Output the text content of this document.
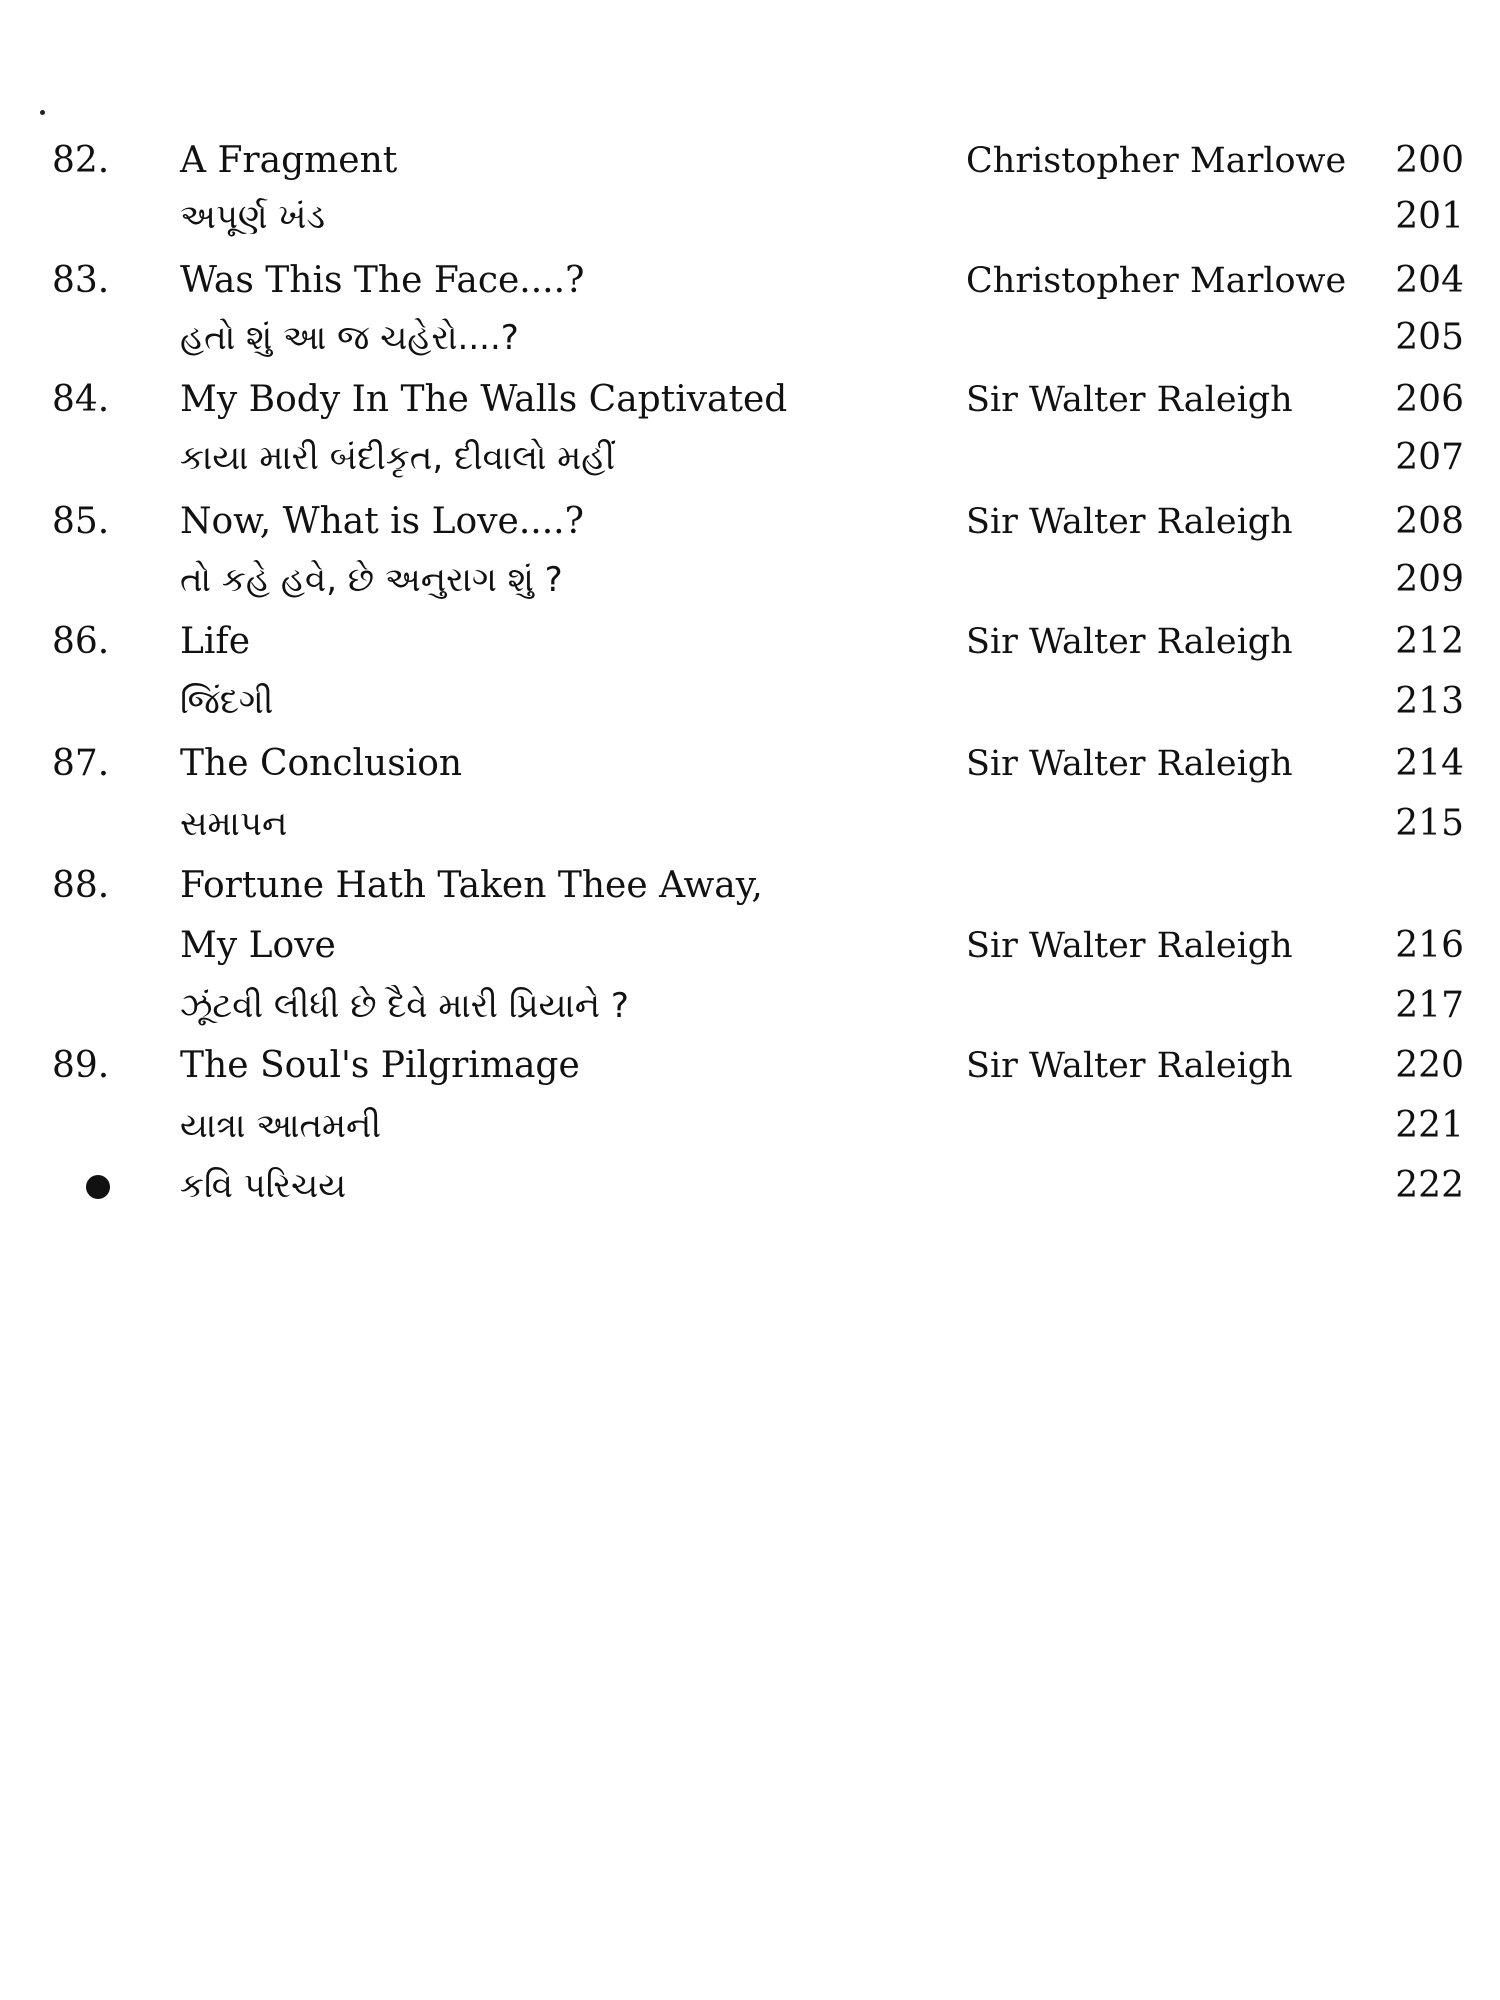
82.	A Fragment	Christopher Marlowe	200
અપૂર્ણ ખંડ	201
83.	Was This The Face....?	Christopher Marlowe	204
હતો શું આ જ ચહેરો....?	205
84.	My Body In The Walls Captivated	Sir Walter Raleigh	206
કાયા મારી બંદીકૃત, દીવાલો મહીં	207
85.	Now, What is Love....?	Sir Walter Raleigh	208
તો કહે હવે, છે અનુરાગ શું ?	209
86.	Life	Sir Walter Raleigh	212
જિંદગી	213
87.	The Conclusion	Sir Walter Raleigh	214
સમાપન	215
88.	Fortune Hath Taken Thee Away,
My Love	Sir Walter Raleigh	216
ઝૂંટવી લીધી છે દૈવે મારી પ્રિયાને ?	217
89.	The Soul's Pilgrimage	Sir Walter Raleigh	220
યાત્રા આતમની	221
કવિ પરિચય	222
